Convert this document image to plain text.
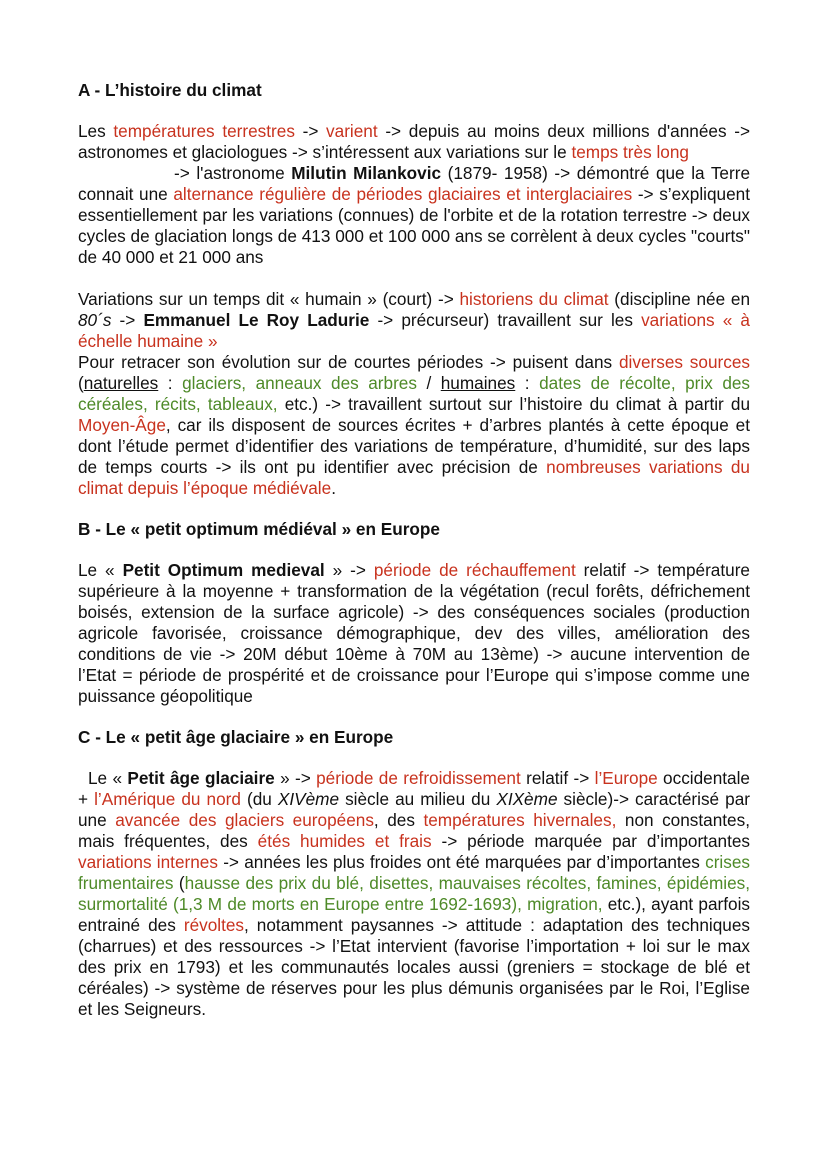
A - L’histoire du climat

Les températures terrestres -> varient -> depuis au moins deux millions d'années -> astronomes et glaciologues -> s’intéressent aux variations sur le temps très long

-> l'astronome Milutin Milankovic (1879- 1958) -> démontré que la Terre connait une alternance régulière de périodes glaciaires et interglaciaires -> s’expliquent essentiellement par les variations (connues) de l'orbite et de la rotation terrestre -> deux cycles de glaciation longs de 413 000 et 100 000 ans se corrèlent à deux cycles "courts" de 40 000 et 21 000 ans

Variations sur un temps dit « humain » (court) -> historiens du climat (discipline née en 80´s -> Emmanuel Le Roy Ladurie -> précurseur) travaillent sur les variations « à échelle humaine »

Pour retracer son évolution sur de courtes périodes -> puisent dans diverses sources (naturelles : glaciers, anneaux des arbres / humaines : dates de récolte, prix des céréales, récits, tableaux, etc.) -> travaillent surtout sur l’histoire du climat à partir du Moyen-Âge, car ils disposent de sources écrites + d’arbres plantés à cette époque et dont l’étude permet d’identifier des variations de température, d’humidité, sur des laps de temps courts -> ils ont pu identifier avec précision de nombreuses variations du climat depuis l’époque médiévale.

B - Le « petit optimum médiéval » en Europe

Le « Petit Optimum medieval » -> période de réchauffement relatif -> température supérieure à la moyenne + transformation de la végétation (recul forêts, défrichement boisés, extension de la surface agricole) -> des conséquences sociales (production agricole favorisée, croissance démographique, dev des villes, amélioration des conditions de vie -> 20M début 10ème à 70M au 13ème) -> aucune intervention de l’Etat = période de prospérité et de croissance pour l’Europe qui s’impose comme une puissance géopolitique

C - Le « petit âge glaciaire » en Europe

Le « Petit âge glaciaire » -> période de refroidissement relatif -> l’Europe occidentale + l’Amérique du nord (du XIVème siècle au milieu du XIXème siècle)-> caractérisé par une avancée des glaciers européens, des températures hivernales, non constantes, mais fréquentes, des étés humides et frais -> période marquée par d’importantes variations internes -> années les plus froides ont été marquées par d’importantes crises frumentaires (hausse des prix du blé, disettes, mauvaises récoltes, famines, épidémies, surmortalité (1,3 M de morts en Europe entre 1692-1693), migration, etc.), ayant parfois entrainé des révoltes, notamment paysannes -> attitude : adaptation des techniques (charrues) et des ressources -> l’Etat intervient (favorise l’importation + loi sur le max des prix en 1793) et les communautés locales aussi (greniers = stockage de blé et céréales) -> système de réserves pour les plus démunis organisées par le Roi, l’Eglise et les Seigneurs.
